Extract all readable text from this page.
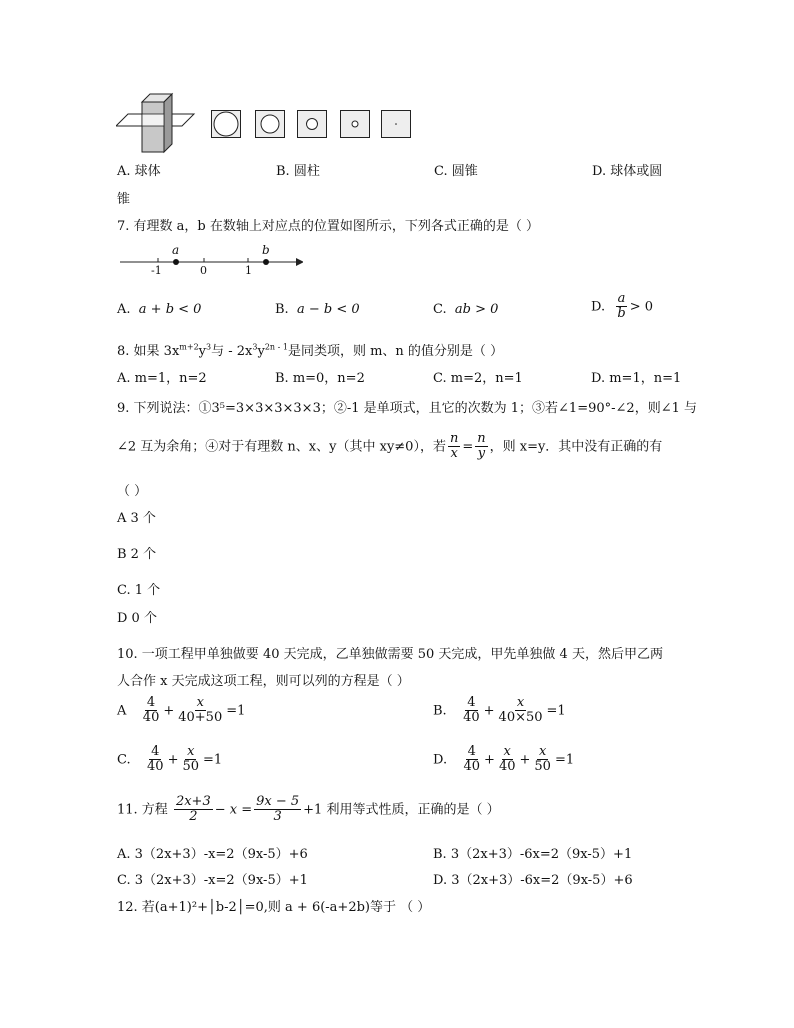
A. 球体	B. 圆柱	C. 圆锥	D. 球体或圆
锥
7. 有理数 a，b 在数轴上对应点的位置如图所示，下列各式正确的是（ ）
a	b
-1	0	1
A. a + b < 0	B. a − b < 0	C. ab > 0	D. $\frac{a}{b} > 0$
8. 如果 $3x^{m+2}y^3$与 - $2x^3y^{2n - 1}$是同类项，则 m、n 的值分别是（ ）
A. m=1，n=2	B. m=0，n=2	C. m=2，n=1	D. m=1，n=1
9. 下列说法：①3⁵=3×3×3×3×3；②-1 是单项式，且它的次数为 1；③若∠1=90°-∠2，则∠1 与
∠2 互为余角；④对于有理数 n、x、y（其中 xy≠0），若 $\frac{n}{x} = \frac{n}{y}$ ，则 x=y．其中没有正确的有
（ ）
A 3 个
B 2 个
C. 1 个
D 0 个
10. 一项工程甲单独做要 40 天完成，乙单独做需要 50 天完成，甲先单独做 4 天，然后甲乙两
人合作 x 天完成这项工程，则可以列的方程是（ ）
A $\frac{4}{40} + \frac{x}{40+50} =1$	B. $\frac{4}{40} + \frac{x}{40\times 50} =1$
C. $\frac{4}{40} + \frac{x}{50} =1$	D. $\frac{4}{40} + \frac{x}{40} + \frac{x}{50} =1$
11. 方程 $\frac{2x+3}{2} - x = \frac{9x - 5}{3} +1$ 利用等式性质，正确的是（ ）
A. 3（2x+3）-x=2（9x-5）+6	B. 3（2x+3）-6x=2（9x-5）+1
C. 3（2x+3）-x=2（9x-5）+1	D. 3（2x+3）-6x=2（9x-5）+6
12. 若(a+1)²+│b-2│=0,则 a + 6(-a+2b)等于 （ ）
